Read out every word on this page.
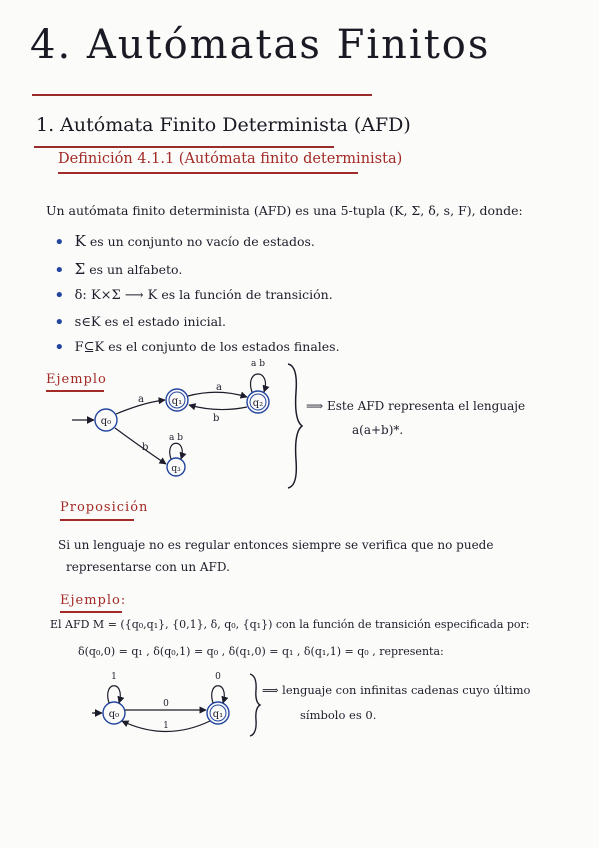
4. Autómatas Finitos
1. Autómata Finito Determinista (AFD)
Definición 4.1.1 (Autómata finito determinista)
Un autómata finito determinista (AFD) es una 5-tupla (K, Σ, δ, s, F), donde:
• K es un conjunto no vacío de estados.
• Σ es un alfabeto.
• δ: K×Σ ⟶ K es la función de transición.
• s∈K es el estado inicial.
• F⊆K es el conjunto de los estados finales.
Ejemplo
q₀
q₁	q₂
q₃
a
a
b
b
a b
a b
⟹ Este AFD representa el lenguaje
a(a+b)*.
Proposición
Si un lenguaje no es regular entonces siempre se verifica que no puede
representarse con un AFD.
Ejemplo:
El AFD M = ({q₀,q₁}, {0,1}, δ, q₀, {q₁}) con la función de transición especificada por:
δ(q₀,0) = q₁ , δ(q₀,1) = q₀ , δ(q₁,0) = q₁ , δ(q₁,1) = q₀ , representa:
q₀	q₁
1	0
0
1
⟹ lenguaje con infinitas cadenas cuyo último
símbolo es 0.
